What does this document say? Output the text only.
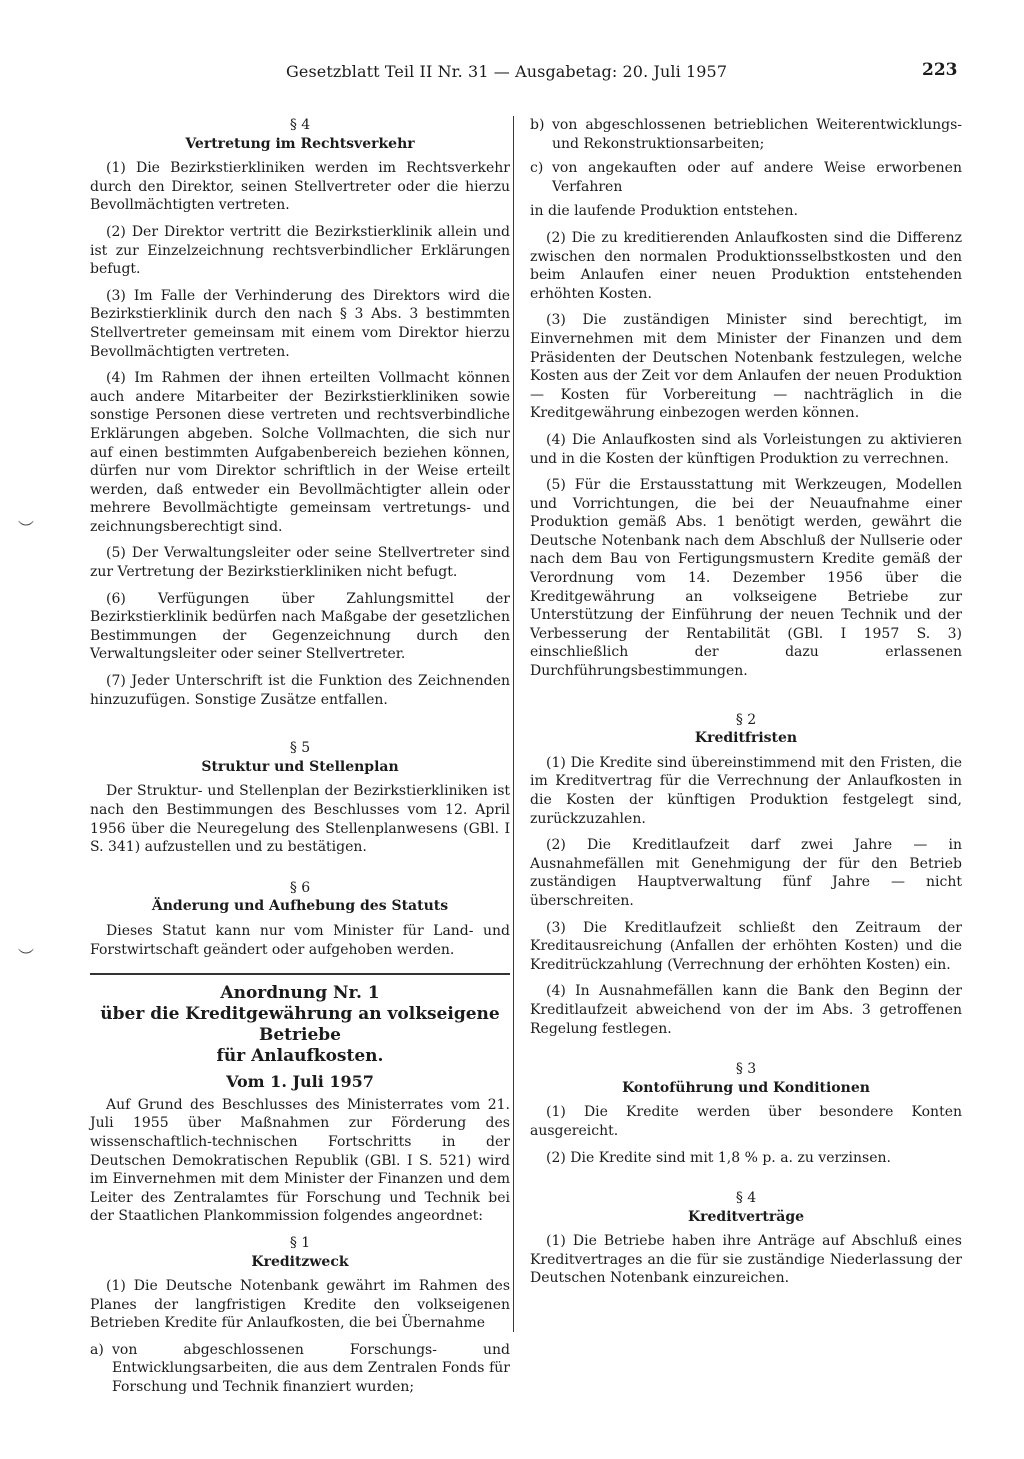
Gesetzblatt Teil II Nr. 31 — Ausgabetag: 20. Juli 1957	223
︶
︶
§ 4
Vertretung im Rechtsverkehr

(1) Die Bezirkstierkliniken werden im Rechtsverkehr durch den Direktor, seinen Stellvertreter oder die hierzu Bevollmächtigten vertreten.

(2) Der Direktor vertritt die Bezirkstierklinik allein und ist zur Einzelzeichnung rechtsverbindlicher Erklärungen befugt.

(3) Im Falle der Verhinderung des Direktors wird die Bezirkstierklinik durch den nach § 3 Abs. 3 bestimmten Stellvertreter gemeinsam mit einem vom Direktor hierzu Bevollmächtigten vertreten.

(4) Im Rahmen der ihnen erteilten Vollmacht können auch andere Mitarbeiter der Bezirkstierkliniken sowie sonstige Personen diese vertreten und rechtsverbindliche Erklärungen abgeben. Solche Vollmachten, die sich nur auf einen bestimmten Aufgabenbereich beziehen können, dürfen nur vom Direktor schriftlich in der Weise erteilt werden, daß entweder ein Bevollmächtigter allein oder mehrere Bevollmächtigte gemeinsam vertretungs- und zeichnungsberechtigt sind.

(5) Der Verwaltungsleiter oder seine Stellvertreter sind zur Vertretung der Bezirkstierkliniken nicht befugt.

(6) Verfügungen über Zahlungsmittel der Bezirkstierklinik bedürfen nach Maßgabe der gesetzlichen Bestimmungen der Gegenzeichnung durch den Verwaltungsleiter oder seiner Stellvertreter.

(7) Jeder Unterschrift ist die Funktion des Zeichnenden hinzuzufügen. Sonstige Zusätze entfallen.

§ 5
Struktur und Stellenplan

Der Struktur- und Stellenplan der Bezirkstierkliniken ist nach den Bestimmungen des Beschlusses vom 12. April 1956 über die Neuregelung des Stellenplanwesens (GBl. I S. 341) aufzustellen und zu bestätigen.

§ 6
Änderung und Aufhebung des Statuts

Dieses Statut kann nur vom Minister für Land- und Forstwirtschaft geändert oder aufgehoben werden.

Anordnung Nr. 1
über die Kreditgewährung an volkseigene Betriebe
für Anlaufkosten.
Vom 1. Juli 1957

Auf Grund des Beschlusses des Ministerrates vom 21. Juli 1955 über Maßnahmen zur Förderung des wissenschaftlich-technischen Fortschritts in der Deutschen Demokratischen Republik (GBl. I S. 521) wird im Einvernehmen mit dem Minister der Finanzen und dem Leiter des Zentralamtes für Forschung und Technik bei der Staatlichen Plankommission folgendes angeordnet:

§ 1
Kreditzweck

(1) Die Deutsche Notenbank gewährt im Rahmen des Planes der langfristigen Kredite den volkseigenen Betrieben Kredite für Anlaufkosten, die bei Übernahme

a) von abgeschlossenen Forschungs- und Entwicklungsarbeiten, die aus dem Zentralen Fonds für Forschung und Technik finanziert wurden;
b) von abgeschlossenen betrieblichen Weiterentwicklungs- und Rekonstruktionsarbeiten;
c) von angekauften oder auf andere Weise erworbenen Verfahren

in die laufende Produktion entstehen.

(2) Die zu kreditierenden Anlaufkosten sind die Differenz zwischen den normalen Produktionsselbstkosten und den beim Anlaufen einer neuen Produktion entstehenden erhöhten Kosten.

(3) Die zuständigen Minister sind berechtigt, im Einvernehmen mit dem Minister der Finanzen und dem Präsidenten der Deutschen Notenbank festzulegen, welche Kosten aus der Zeit vor dem Anlaufen der neuen Produktion — Kosten für Vorbereitung — nachträglich in die Kreditgewährung einbezogen werden können.

(4) Die Anlaufkosten sind als Vorleistungen zu aktivieren und in die Kosten der künftigen Produktion zu verrechnen.

(5) Für die Erstausstattung mit Werkzeugen, Modellen und Vorrichtungen, die bei der Neuaufnahme einer Produktion gemäß Abs. 1 benötigt werden, gewährt die Deutsche Notenbank nach dem Abschluß der Nullserie oder nach dem Bau von Fertigungsmustern Kredite gemäß der Verordnung vom 14. Dezember 1956 über die Kreditgewährung an volkseigene Betriebe zur Unterstützung der Einführung der neuen Technik und der Verbesserung der Rentabilität (GBl. I 1957 S. 3) einschließlich der dazu erlassenen Durchführungsbestimmungen.

§ 2
Kreditfristen

(1) Die Kredite sind übereinstimmend mit den Fristen, die im Kreditvertrag für die Verrechnung der Anlaufkosten in die Kosten der künftigen Produktion festgelegt sind, zurückzuzahlen.

(2) Die Kreditlaufzeit darf zwei Jahre — in Ausnahmefällen mit Genehmigung der für den Betrieb zuständigen Hauptverwaltung fünf Jahre — nicht überschreiten.

(3) Die Kreditlaufzeit schließt den Zeitraum der Kreditausreichung (Anfallen der erhöhten Kosten) und die Kreditrückzahlung (Verrechnung der erhöhten Kosten) ein.

(4) In Ausnahmefällen kann die Bank den Beginn der Kreditlaufzeit abweichend von der im Abs. 3 getroffenen Regelung festlegen.

§ 3
Kontoführung und Konditionen

(1) Die Kredite werden über besondere Konten ausgereicht.

(2) Die Kredite sind mit 1,8 % p. a. zu verzinsen.

§ 4
Kreditverträge

(1) Die Betriebe haben ihre Anträge auf Abschluß eines Kreditvertrages an die für sie zuständige Niederlassung der Deutschen Notenbank einzureichen.
